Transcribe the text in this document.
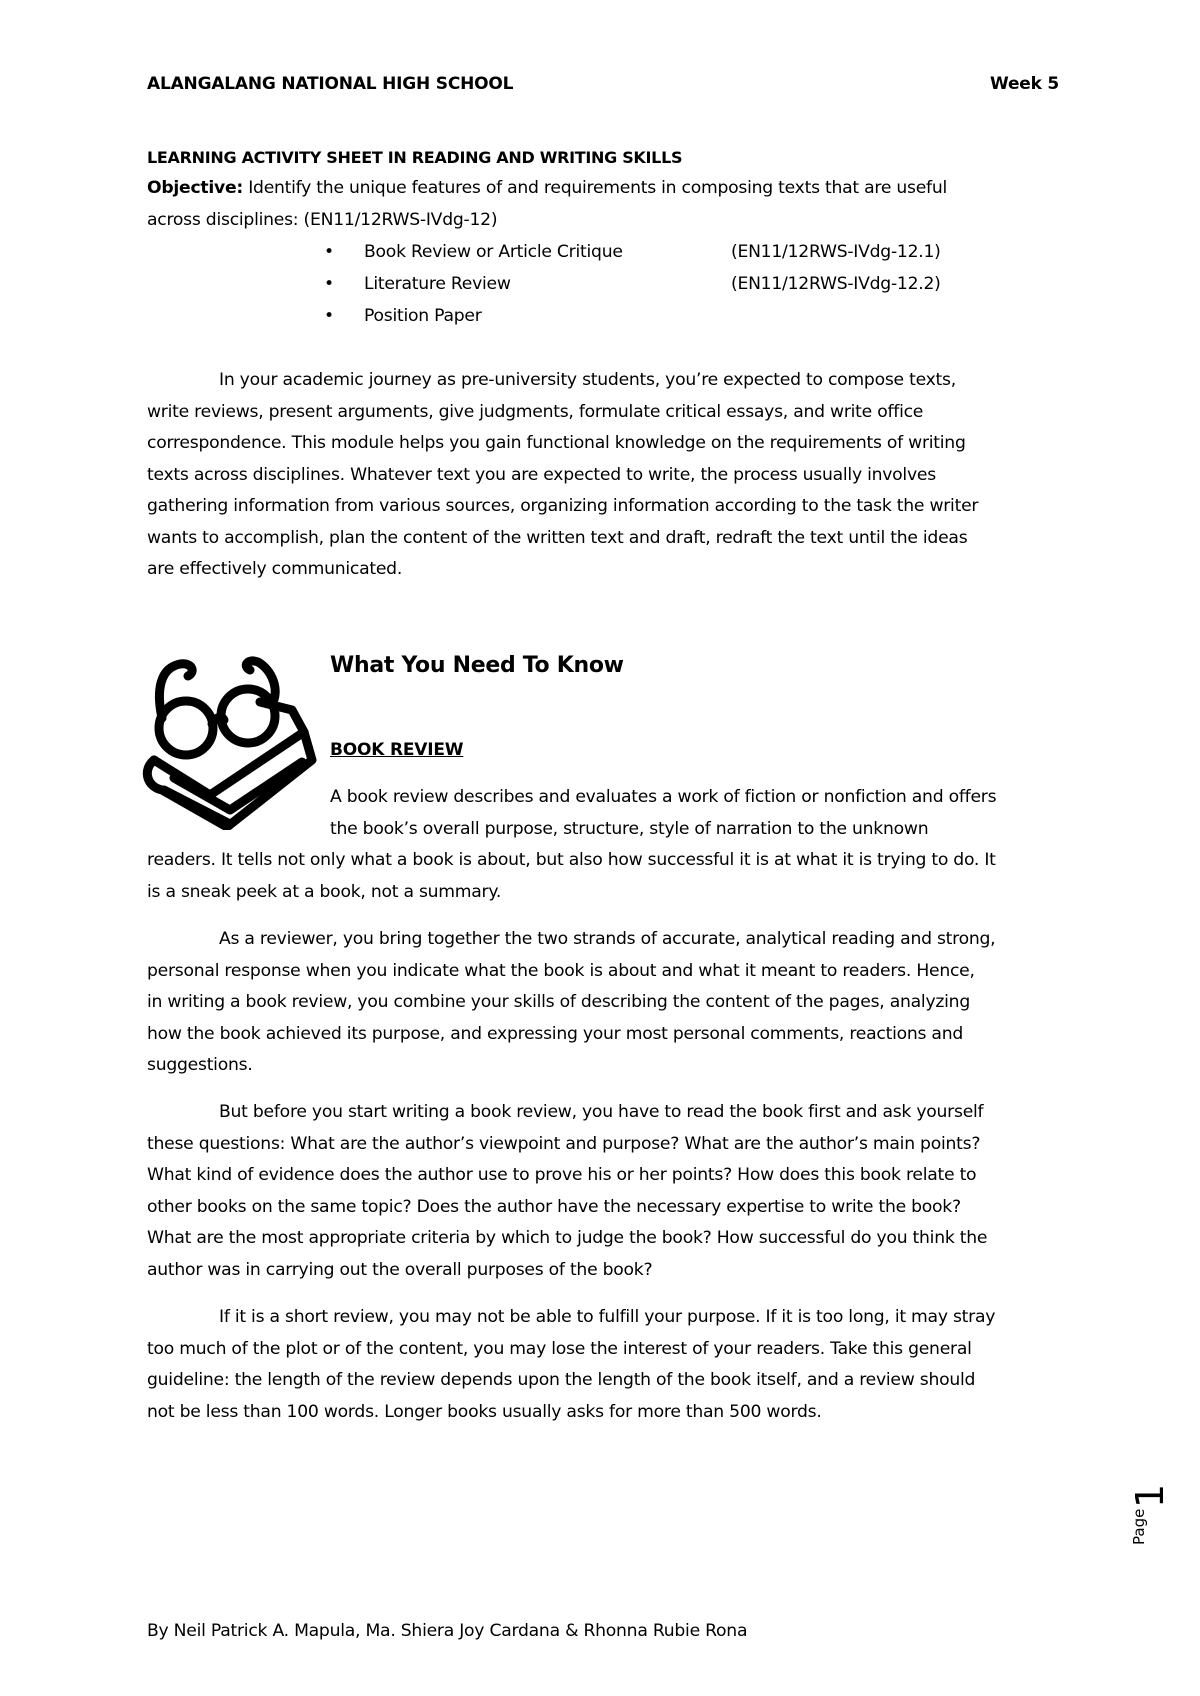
ALANGALANG NATIONAL HIGH SCHOOL	Week 5
LEARNING ACTIVITY SHEET IN READING AND WRITING SKILLS
Objective: Identify the unique features of and requirements in composing texts that are useful
across disciplines: (EN11/12RWS-IVdg-12)
• Book Review or Article Critique	(EN11/12RWS-IVdg-12.1)
• Literature Review	(EN11/12RWS-IVdg-12.2)
• Position Paper
In your academic journey as pre-university students, you’re expected to compose texts,
write reviews, present arguments, give judgments, formulate critical essays, and write office
correspondence. This module helps you gain functional knowledge on the requirements of writing
texts across disciplines. Whatever text you are expected to write, the process usually involves
gathering information from various sources, organizing information according to the task the writer
wants to accomplish, plan the content of the written text and draft, redraft the text until the ideas
are effectively communicated.
What You Need To Know
BOOK REVIEW
A book review describes and evaluates a work of fiction or nonfiction and offers
the book’s overall purpose, structure, style of narration to the unknown
readers. It tells not only what a book is about, but also how successful it is at what it is trying to do. It
is a sneak peek at a book, not a summary.
As a reviewer, you bring together the two strands of accurate, analytical reading and strong,
personal response when you indicate what the book is about and what it meant to readers. Hence,
in writing a book review, you combine your skills of describing the content of the pages, analyzing
how the book achieved its purpose, and expressing your most personal comments, reactions and
suggestions.
But before you start writing a book review, you have to read the book first and ask yourself
these questions: What are the author’s viewpoint and purpose? What are the author’s main points?
What kind of evidence does the author use to prove his or her points? How does this book relate to
other books on the same topic? Does the author have the necessary expertise to write the book?
What are the most appropriate criteria by which to judge the book? How successful do you think the
author was in carrying out the overall purposes of the book?
If it is a short review, you may not be able to fulfill your purpose. If it is too long, it may stray
too much of the plot or of the content, you may lose the interest of your readers. Take this general
guideline: the length of the review depends upon the length of the book itself, and a review should
not be less than 100 words. Longer books usually asks for more than 500 words.
Page
1
By Neil Patrick A. Mapula, Ma. Shiera Joy Cardana & Rhonna Rubie Rona
